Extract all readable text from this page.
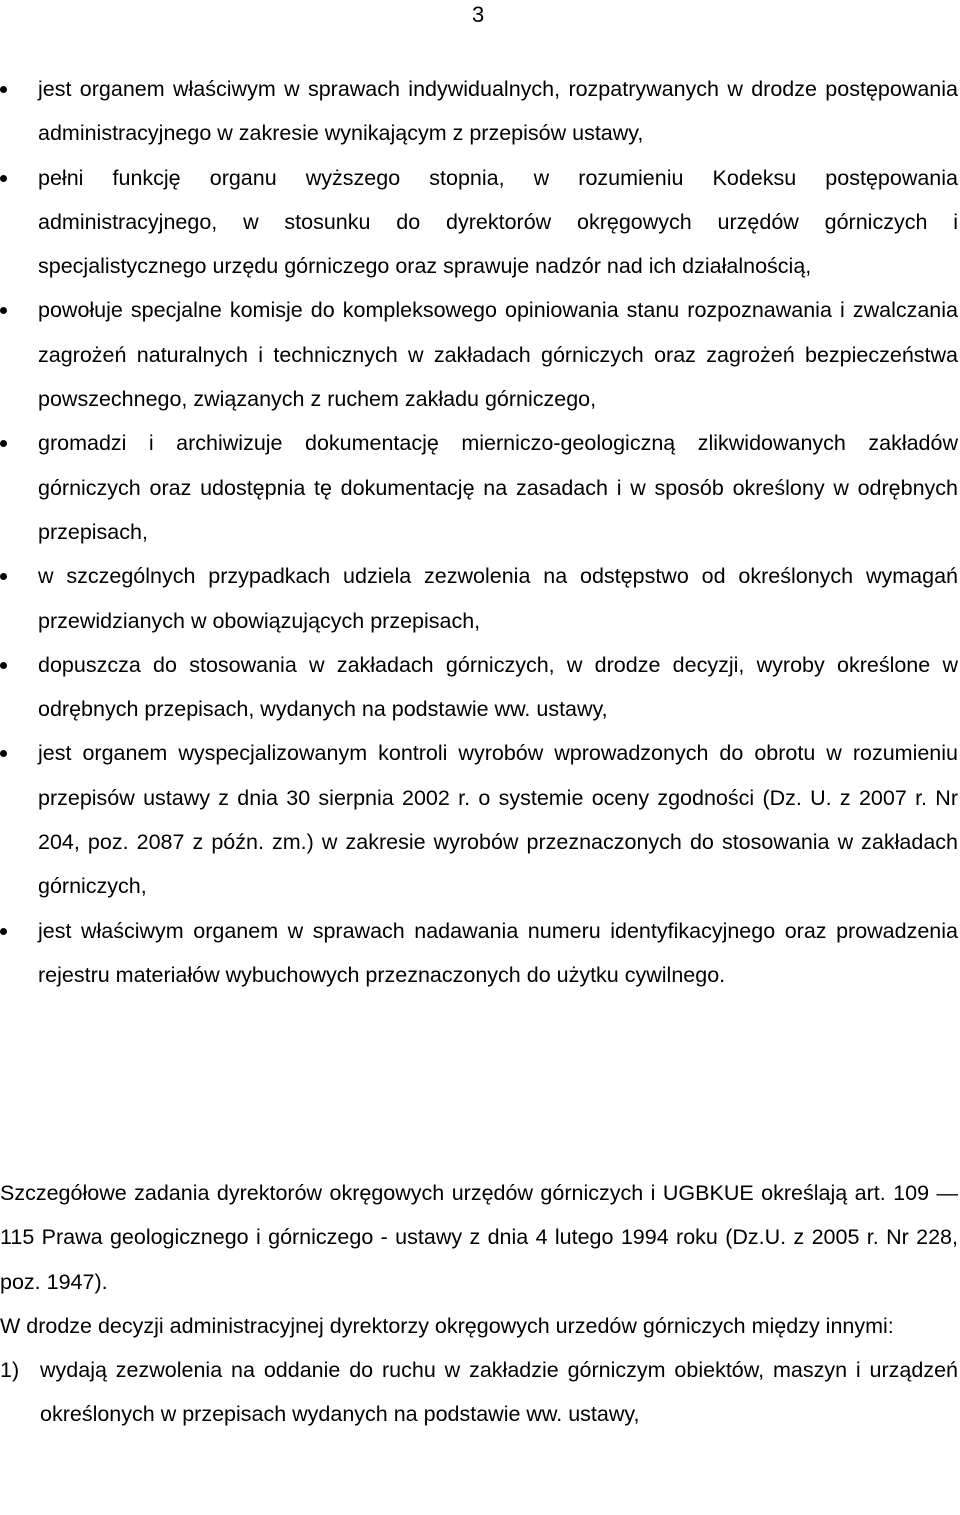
3
jest organem właściwym w sprawach indywidualnych, rozpatrywanych w drodze postępowania administracyjnego w zakresie wynikającym z przepisów ustawy,
pełni funkcję organu wyższego stopnia, w rozumieniu Kodeksu postępowania administracyjnego, w stosunku do dyrektorów okręgowych urzędów górniczych i specjalistycznego urzędu górniczego oraz sprawuje nadzór nad ich działalnością,
powołuje specjalne komisje do kompleksowego opiniowania stanu rozpoznawania i zwalczania zagrożeń naturalnych i technicznych w zakładach górniczych oraz zagrożeń bezpieczeństwa powszechnego, związanych z ruchem zakładu górniczego,
gromadzi i archiwizuje dokumentację mierniczo-geologiczną zlikwidowanych zakładów górniczych oraz udostępnia tę dokumentację na zasadach i w sposób określony w odrębnych przepisach,
w szczególnych przypadkach udziela zezwolenia na odstępstwo od określonych wymagań przewidzianych w obowiązujących przepisach,
dopuszcza do stosowania w zakładach górniczych, w drodze decyzji, wyroby określone w odrębnych przepisach, wydanych na podstawie ww. ustawy,
jest organem wyspecjalizowanym kontroli wyrobów wprowadzonych do obrotu w rozumieniu przepisów ustawy z dnia 30 sierpnia 2002 r. o systemie oceny zgodności (Dz. U. z 2007 r. Nr 204, poz. 2087 z późn. zm.) w zakresie wyrobów przeznaczonych do stosowania w zakładach górniczych,
jest właściwym organem w sprawach nadawania numeru identyfikacyjnego oraz prowadzenia rejestru materiałów wybuchowych przeznaczonych do użytku cywilnego.

Szczegółowe zadania dyrektorów okręgowych urzędów górniczych i UGBKUE określają art. 109 — 115 Prawa geologicznego i górniczego - ustawy z dnia 4 lutego 1994 roku (Dz.U. z 2005 r. Nr 228, poz. 1947).

W drodze decyzji administracyjnej dyrektorzy okręgowych urzedów górniczych między innymi:

1) wydają zezwolenia na oddanie do ruchu w zakładzie górniczym obiektów, maszyn i urządzeń określonych w przepisach wydanych na podstawie ww. ustawy,
